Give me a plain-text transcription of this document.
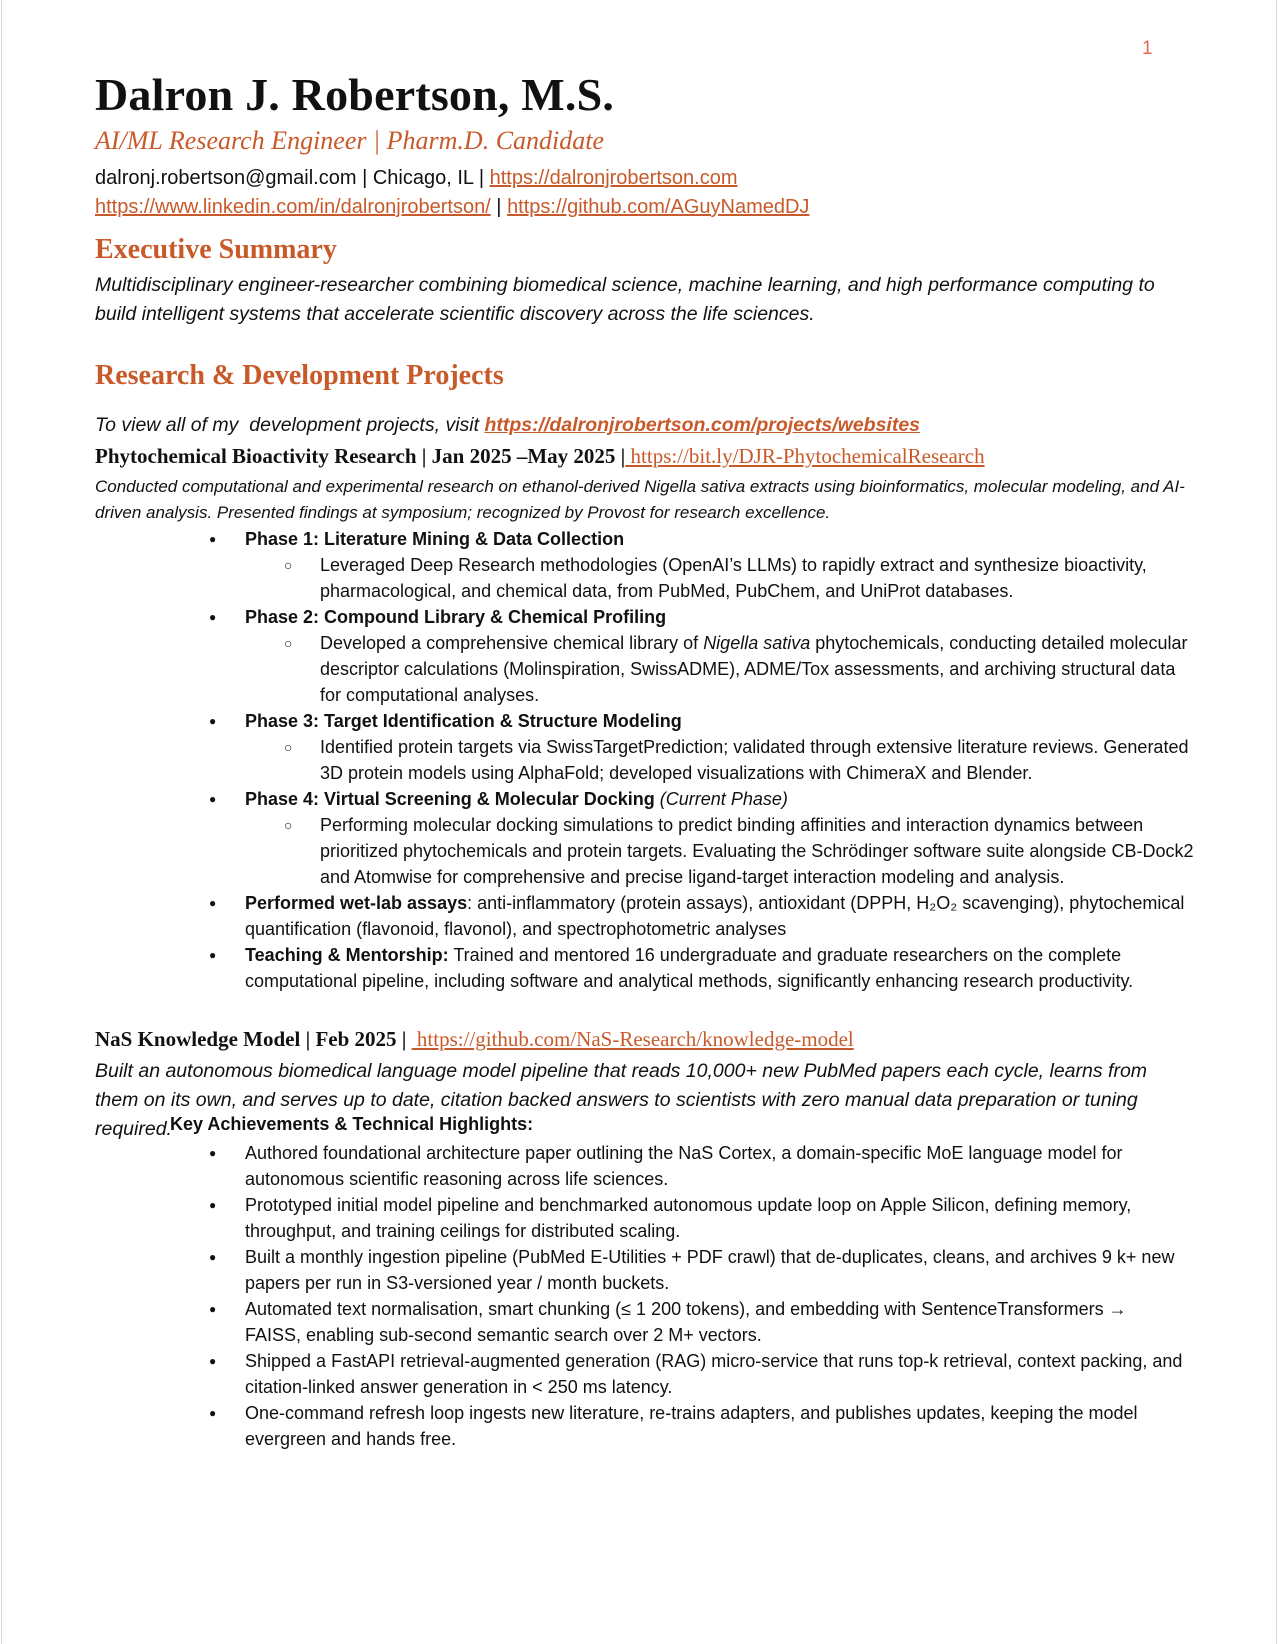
1
Dalron J. Robertson, M.S.
AI/ML Research Engineer | Pharm.D. Candidate
dalronj.robertson@gmail.com | Chicago, IL | https://dalronjrobertson.com
https://www.linkedin.com/in/dalronjrobertson/ | https://github.com/AGuyNamedDJ
Executive Summary
Multidisciplinary engineer-researcher combining biomedical science, machine learning, and high performance computing to build intelligent systems that accelerate scientific discovery across the life sciences.
Research & Development Projects
To view all of my  development projects, visit https://dalronjrobertson.com/projects/websites
Phytochemical Bioactivity Research | Jan 2025 –May 2025 | https://bit.ly/DJR-PhytochemicalResearch
Conducted computational and experimental research on ethanol-derived Nigella sativa extracts using bioinformatics, molecular modeling, and AI-driven analysis. Presented findings at symposium; recognized by Provost for research excellence.
● Phase 1: Literature Mining & Data Collection
○ Leveraged Deep Research methodologies (OpenAI’s LLMs) to rapidly extract and synthesize bioactivity, pharmacological, and chemical data, from PubMed, PubChem, and UniProt databases.
● Phase 2: Compound Library & Chemical Profiling
○ Developed a comprehensive chemical library of Nigella sativa phytochemicals, conducting detailed molecular descriptor calculations (Molinspiration, SwissADME), ADME/Tox assessments, and archiving structural data for computational analyses.
● Phase 3: Target Identification & Structure Modeling
○ Identified protein targets via SwissTargetPrediction; validated through extensive literature reviews. Generated 3D protein models using AlphaFold; developed visualizations with ChimeraX and Blender.
● Phase 4: Virtual Screening & Molecular Docking (Current Phase)
○ Performing molecular docking simulations to predict binding affinities and interaction dynamics between prioritized phytochemicals and protein targets. Evaluating the Schrödinger software suite alongside CB-Dock2 and Atomwise for comprehensive and precise ligand-target interaction modeling and analysis.
● Performed wet-lab assays: anti-inflammatory (protein assays), antioxidant (DPPH, H₂O₂ scavenging), phytochemical quantification (flavonoid, flavonol), and spectrophotometric analyses
● Teaching & Mentorship: Trained and mentored 16 undergraduate and graduate researchers on the complete computational pipeline, including software and analytical methods, significantly enhancing research productivity.
NaS Knowledge Model | Feb 2025 |  https://github.com/NaS-Research/knowledge-model
Built an autonomous biomedical language model pipeline that reads 10,000+ new PubMed papers each cycle, learns from them on its own, and serves up to date, citation backed answers to scientists with zero manual data preparation or tuning required.
Key Achievements & Technical Highlights:
● Authored foundational architecture paper outlining the NaS Cortex, a domain-specific MoE language model for autonomous scientific reasoning across life sciences.
● Prototyped initial model pipeline and benchmarked autonomous update loop on Apple Silicon, defining memory, throughput, and training ceilings for distributed scaling.
● Built a monthly ingestion pipeline (PubMed E-Utilities + PDF crawl) that de-duplicates, cleans, and archives 9 k+ new papers per run in S3-versioned year / month buckets.
● Automated text normalisation, smart chunking (≤ 1 200 tokens), and embedding with SentenceTransformers → FAISS, enabling sub-second semantic search over 2 M+ vectors.
● Shipped a FastAPI retrieval-augmented generation (RAG) micro-service that runs top-k retrieval, context packing, and citation-linked answer generation in < 250 ms latency.
● One-command refresh loop ingests new literature, re-trains adapters, and publishes updates, keeping the model evergreen and hands free.
